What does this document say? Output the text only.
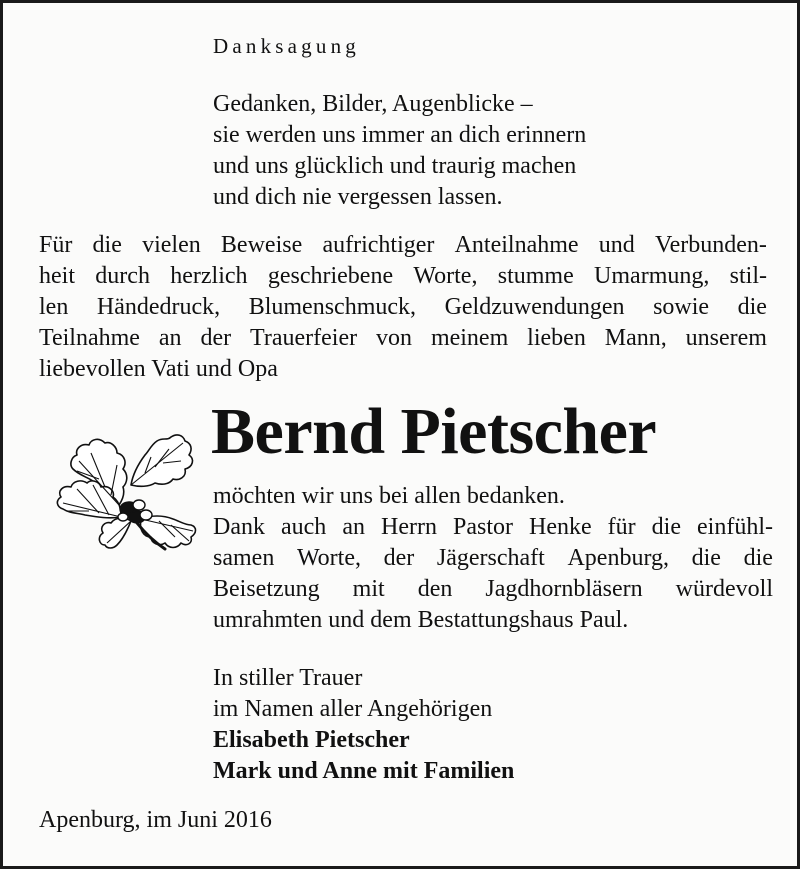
Danksagung
Gedanken, Bilder, Augenblicke –
sie werden uns immer an dich erinnern
und uns glücklich und traurig machen
und dich nie vergessen lassen.
Für die vielen Beweise aufrichtiger Anteilnahme und Verbunden-
heit durch herzlich geschriebene Worte, stumme Umarmung, stil-
len Händedruck, Blumenschmuck, Geldzuwendungen sowie die
Teilnahme an der Trauerfeier von meinem lieben Mann, unserem
liebevollen Vati und Opa
Bernd Pietscher
möchten wir uns bei allen bedanken.
Dank auch an Herrn Pastor Henke für die einfühl-
samen Worte, der Jägerschaft Apenburg, die die
Beisetzung mit den Jagdhornbläsern würdevoll
umrahmten und dem Bestattungshaus Paul.
In stiller Trauer
im Namen aller Angehörigen
Elisabeth Pietscher
Mark und Anne mit Familien
Apenburg, im Juni 2016
